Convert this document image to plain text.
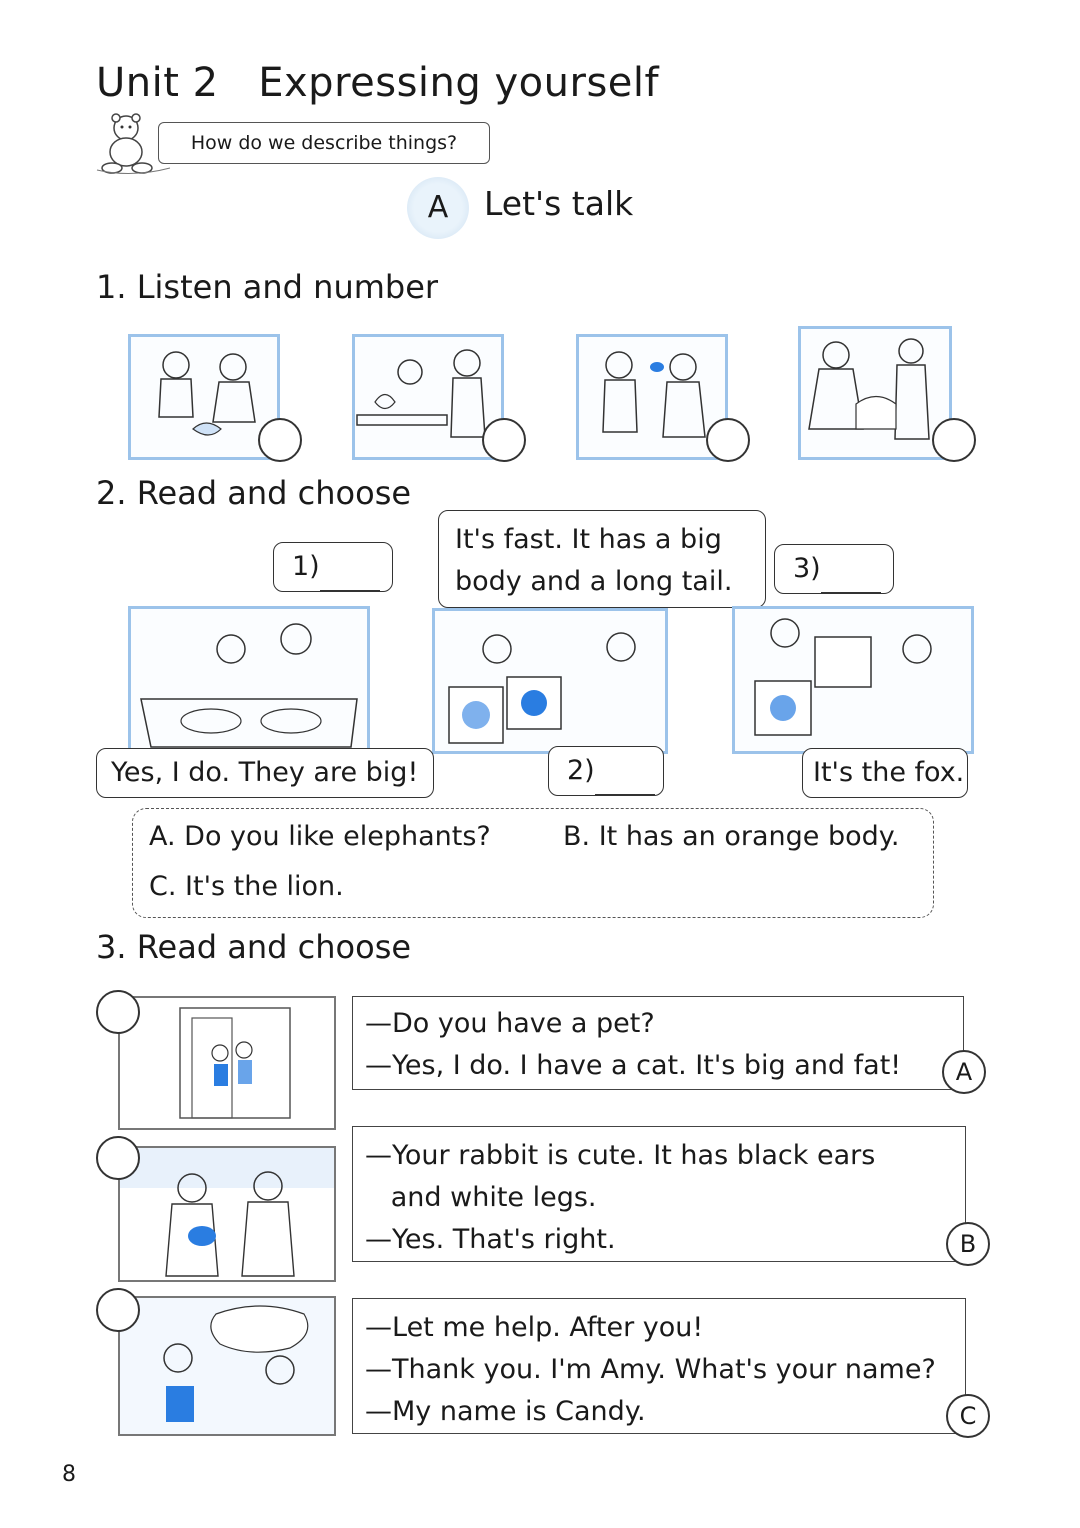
Unit 2   Expressing yourself
How do we describe things?
A	Let's talk
1. Listen and number
2. Read and choose
1)
It's fast. It has a big body and a long tail.	3)
Yes, I do. They are big!	2)	It's the fox.
A. Do you like elephants?	B. It has an orange body.
C. It's the lion.
3. Read and choose
—Do you have a pet?
—Yes, I do. I have a cat. It's big and fat!	A
—Your rabbit is cute. It has black ears
and white legs.
—Yes. That's right.	B
—Let me help. After you!
—Thank you. I'm Amy. What's your name?
—My name is Candy.	C
8
